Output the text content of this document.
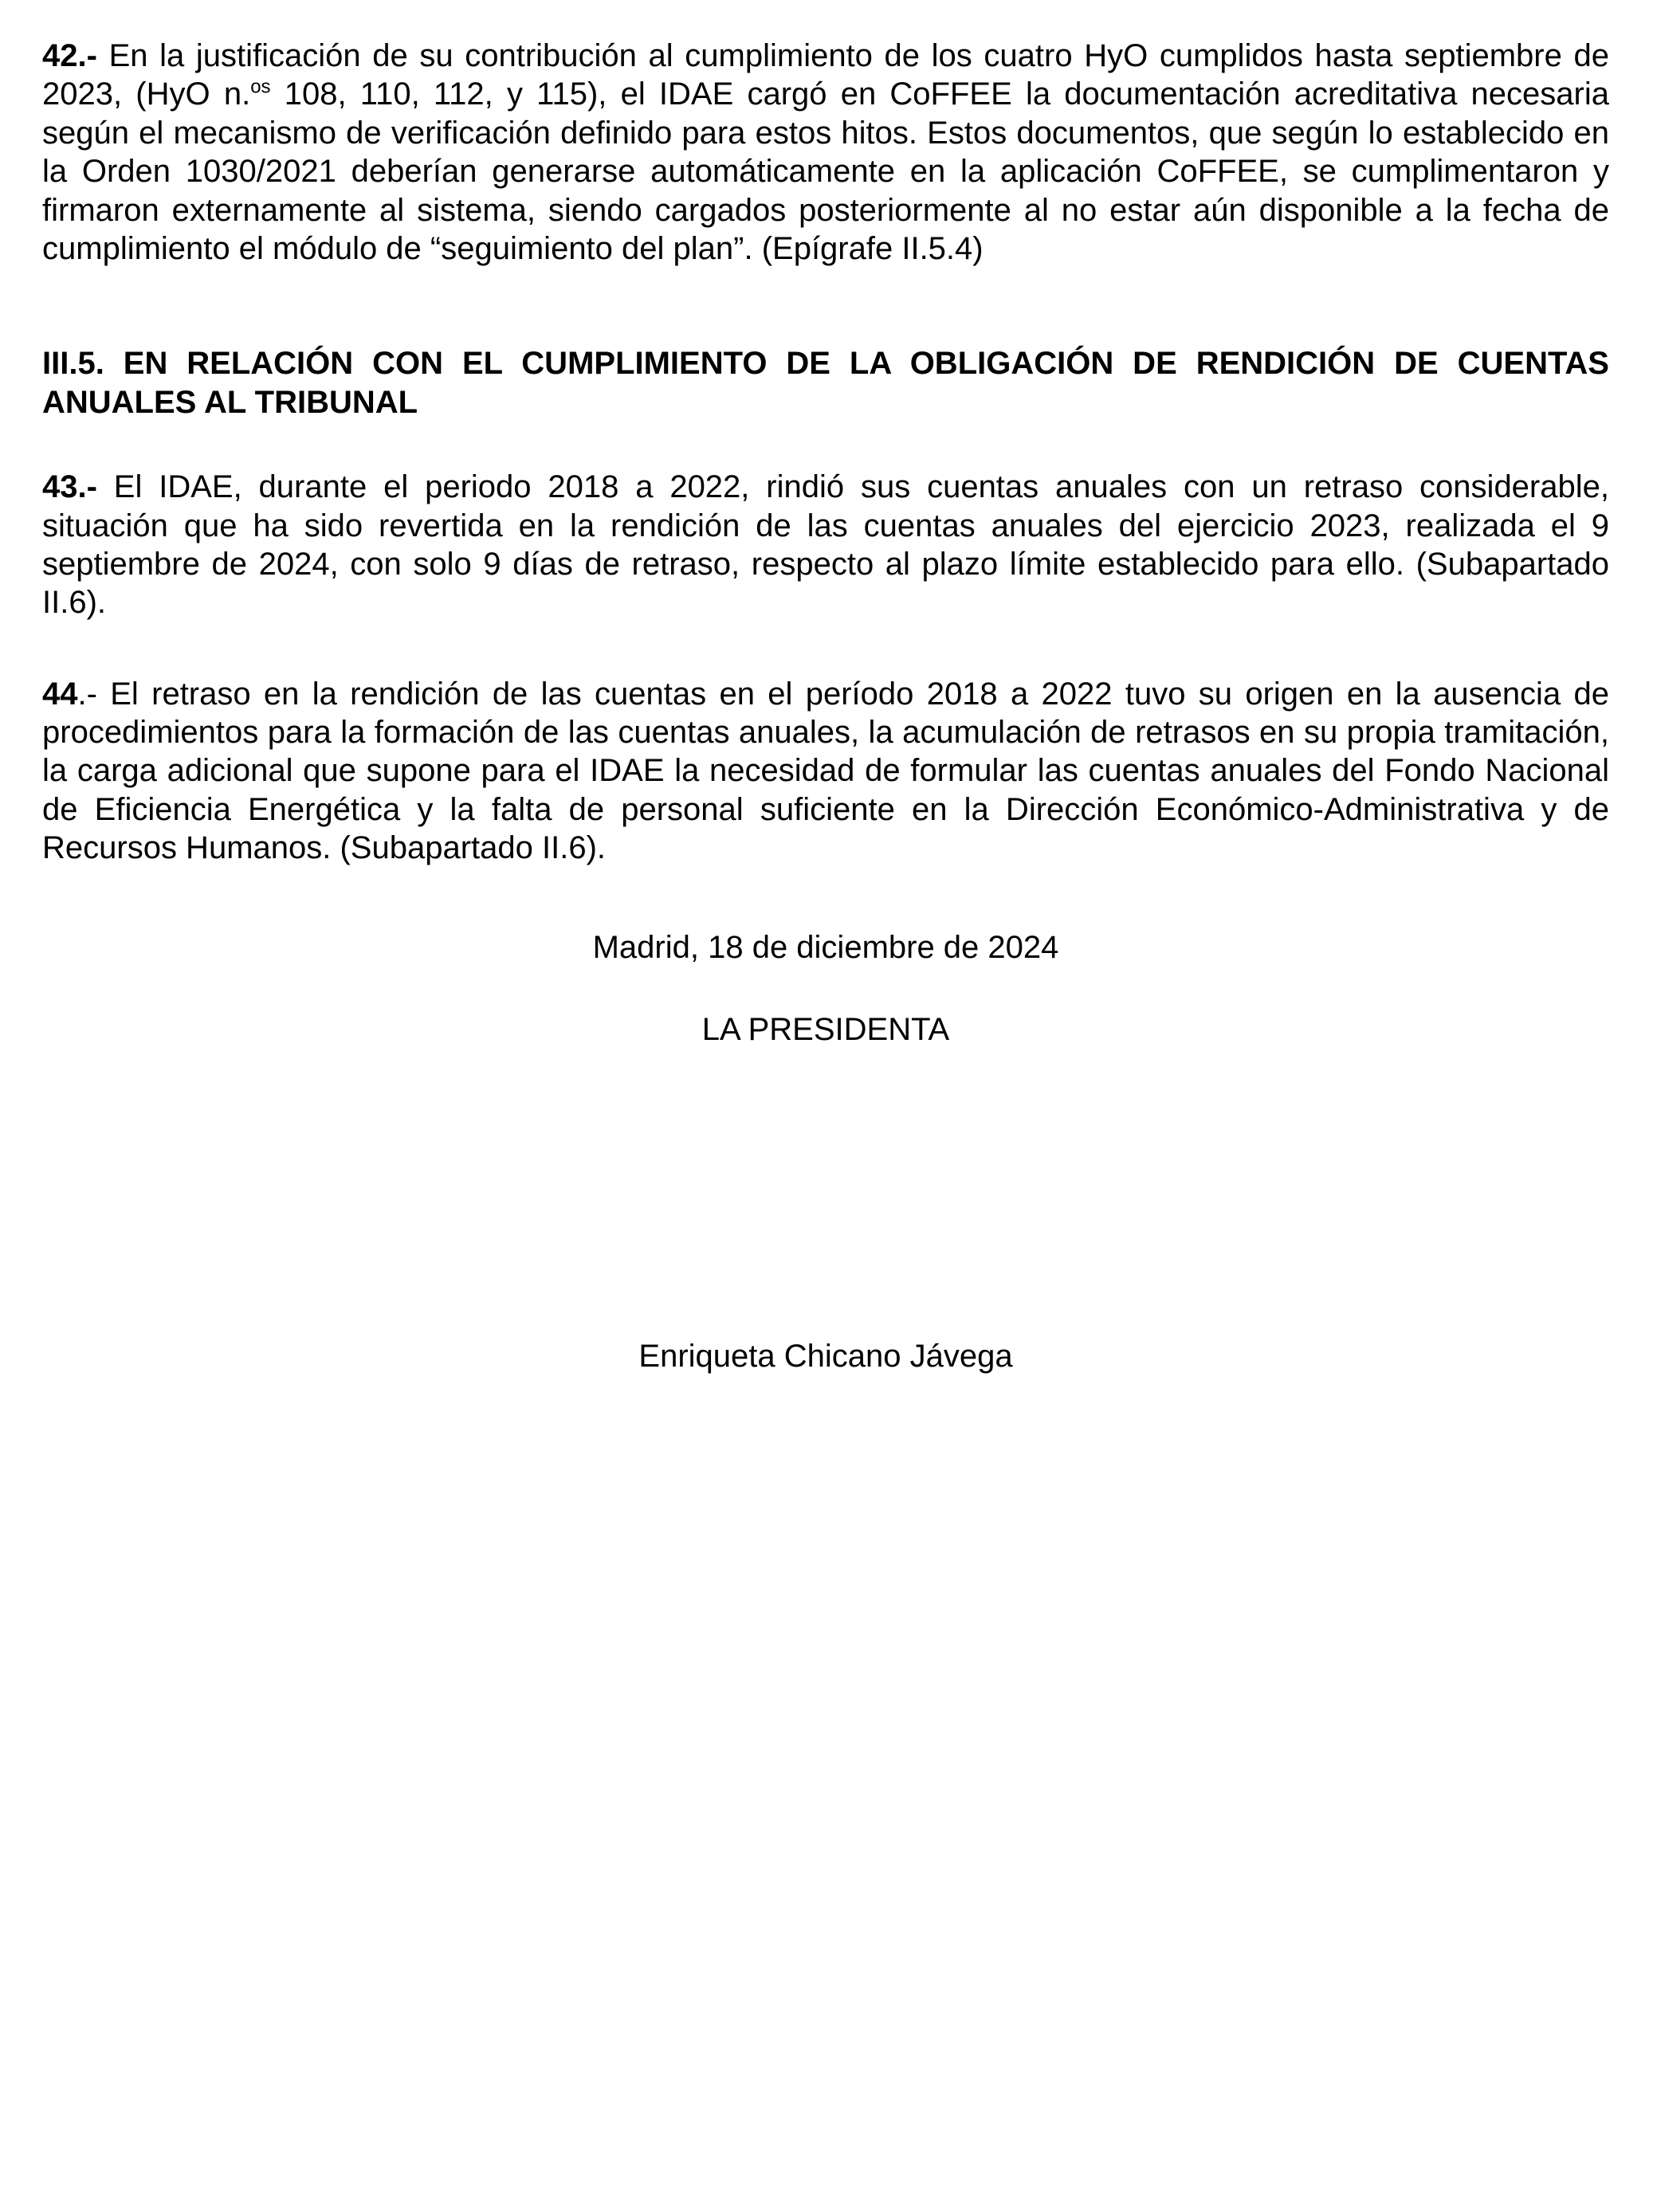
42.- En la justificación de su contribución al cumplimiento de los cuatro HyO cumplidos hasta septiembre de 2023, (HyO n.$^{os}$ 108, 110, 112, y 115), el IDAE cargó en CoFFEE la documentación acreditativa necesaria según el mecanismo de verificación definido para estos hitos. Estos documentos, que según lo establecido en la Orden 1030/2021 deberían generarse automáticamente en la aplicación CoFFEE, se cumplimentaron y firmaron externamente al sistema, siendo cargados posteriormente al no estar aún disponible a la fecha de cumplimiento el módulo de “seguimiento del plan”. (Epígrafe II.5.4)

III.5. EN RELACIÓN CON EL CUMPLIMIENTO DE LA OBLIGACIÓN DE RENDICIÓN DE CUENTAS ANUALES AL TRIBUNAL

43.- El IDAE, durante el periodo 2018 a 2022, rindió sus cuentas anuales con un retraso considerable, situación que ha sido revertida en la rendición de las cuentas anuales del ejercicio 2023, realizada el 9 septiembre de 2024, con solo 9 días de retraso, respecto al plazo límite establecido para ello. (Subapartado II.6).

44.- El retraso en la rendición de las cuentas en el período 2018 a 2022 tuvo su origen en la ausencia de procedimientos para la formación de las cuentas anuales, la acumulación de retrasos en su propia tramitación, la carga adicional que supone para el IDAE la necesidad de formular las cuentas anuales del Fondo Nacional de Eficiencia Energética y la falta de personal suficiente en la Dirección Económico-Administrativa y de Recursos Humanos. (Subapartado II.6).

Madrid, 18 de diciembre de 2024

LA PRESIDENTA

Enriqueta Chicano Jávega
